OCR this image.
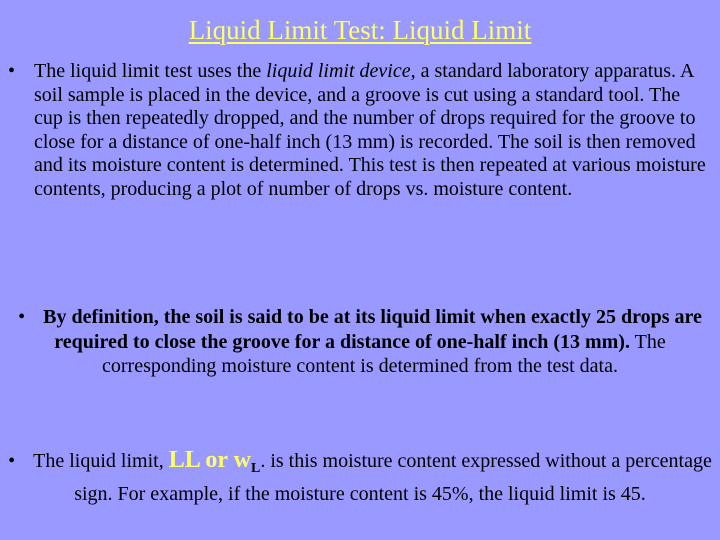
Liquid Limit Test: Liquid Limit
• The liquid limit test uses the liquid limit device, a standard laboratory apparatus. A soil sample is placed in the device, and a groove is cut using a standard tool. The cup is then repeatedly dropped, and the number of drops required for the groove to close for a distance of one-half inch (13 mm) is recorded. The soil is then removed and its moisture content is determined. This test is then repeated at various moisture contents, producing a plot of number of drops vs. moisture content.
• By definition, the soil is said to be at its liquid limit when exactly 25 drops are required to close the groove for a distance of one-half inch (13 mm). The corresponding moisture content is determined from the test data.
• The liquid limit, LL or $w_L$. is this moisture content expressed without a percentage sign. For example, if the moisture content is 45%, the liquid limit is 45.
